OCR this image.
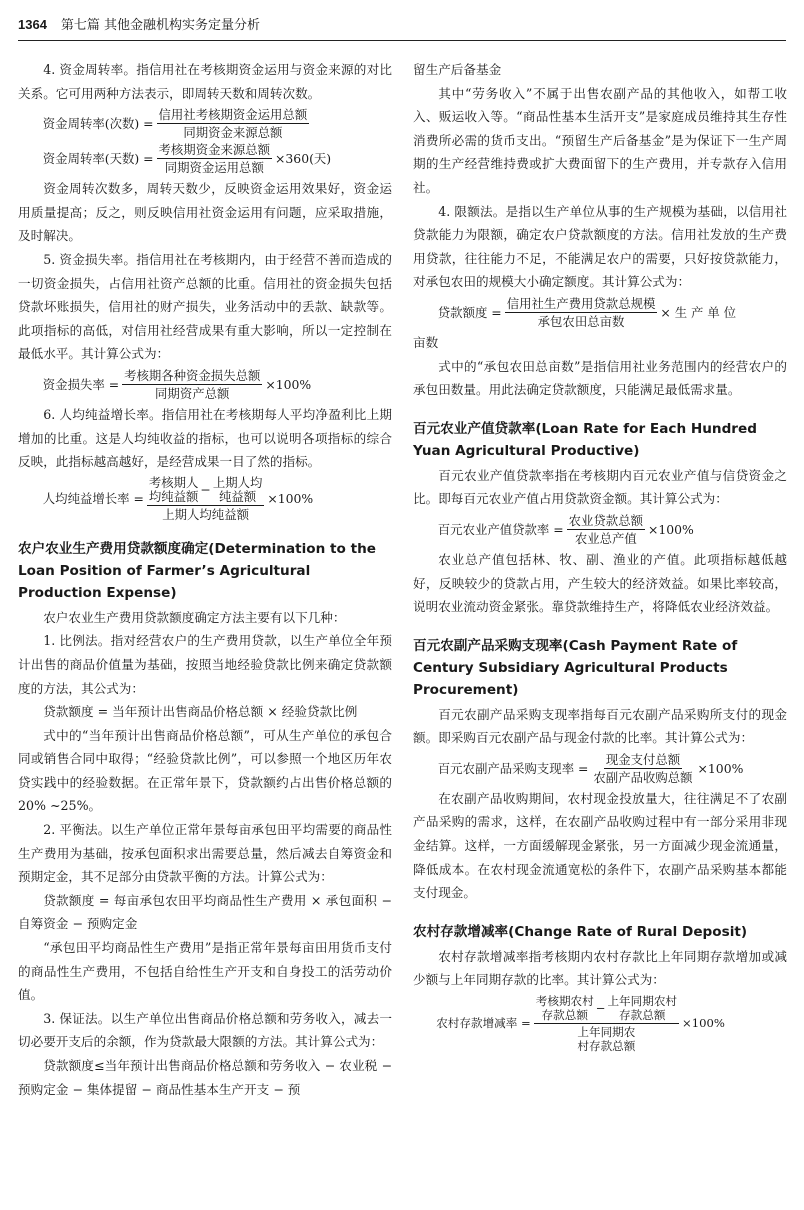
1364 第七篇 其他金融机构实务定量分析

4. 资金周转率。指信用社在考核期资金运用与资金来源的对比关系。它可用两种方法表示，即周转天数和周转次数。

资金周转率(次数) = $\frac{\text{信用社考核期资金运用总额}}{\text{同期资金来源总额}}$
资金周转率(天数) = $\frac{\text{考核期资金来源总额}}{\text{同期资金运用总额}} \times 360$(天)

资金周转次数多，周转天数少，反映资金运用效果好，资金运用质量提高；反之，则反映信用社资金运用有问题，应采取措施，及时解决。

5. 资金损失率。指信用社在考核期内，由于经营不善而造成的一切资金损失，占信用社资产总额的比重。信用社的资金损失包括贷款坏账损失，信用社的财产损失，业务活动中的丢款、缺款等。此项指标的高低，对信用社经营成果有重大影响，所以一定控制在最低水平。其计算公式为：

资金损失率 = $\frac{\text{考核期各种资金损失总额}}{\text{同期资产总额}} \times 100\%$

6. 人均纯益增长率。指信用社在考核期每人平均净盈利比上期增加的比重。这是人均纯收益的指标，也可以说明各项指标的综合反映，此指标越高越好，是经营成果一目了然的指标。

人均纯益增长率 = 考核期人
均纯益额 − 上期人均
纯益额
上期人均纯益额 ×100%
农户农业生产费用贷款额度确定(Determination to the Loan Position of Farmer’s Agricultural Production Expense)

农户农业生产费用贷款额度确定方法主要有以下几种：

1. 比例法。指对经营农户的生产费用贷款，以生产单位全年预计出售的商品价值量为基础，按照当地经验贷款比例来确定贷款额度的方法，其公式为：

贷款额度 = 当年预计出售商品价格总额 × 经验贷款比例

式中的“当年预计出售商品价格总额”，可从生产单位的承包合同或销售合同中取得；“经验贷款比例”，可以参照一个地区历年农贷实践中的经验数据。在正常年景下，贷款额约占出售价格总额的 20% ~25%。

2. 平衡法。以生产单位正常年景每亩承包田平均需要的商品性生产费用为基础，按承包面积求出需要总量，然后减去自筹资金和预期定金，其不足部分由贷款平衡的方法。计算公式为：

贷款额度 = 每亩承包农田平均商品性生产费用 × 承包面积 − 自筹资金 − 预购定金

“承包田平均商品性生产费用”是指正常年景每亩田用货币支付的商品性生产费用，不包括自给性生产开支和自身投工的活劳动价值。

3. 保证法。以生产单位出售商品价格总额和劳务收入，减去一切必要开支后的余额，作为贷款最大限额的方法。其计算公式为：

贷款额度≤当年预计出售商品价格总额和劳务收入 − 农业税 − 预购定金 − 集体提留 − 商品性基本生产开支 − 预

留生产后备基金

其中“劳务收入”不属于出售农副产品的其他收入，如帮工收入、贩运收入等。“商品性基本生活开支”是家庭成员维持其生存性消费所必需的货币支出。“预留生产后备基金”是为保证下一生产周期的生产经营维持费或扩大费面留下的生产费用，并专款存入信用社。

4. 限额法。是指以生产单位从事的生产规模为基础，以信用社贷款能力为限额，确定农户贷款额度的方法。信用社发放的生产费用贷款，往往能力不足，不能满足农户的需要，只好按贷款能力，对承包农田的规模大小确定额度。其计算公式为：

贷款额度 = $\frac{\text{信用社生产费用贷款总规模}}{\text{承包农田总亩数}}$ × 生 产 单 位

亩数

式中的“承包农田总亩数”是指信用社业务范围内的经营农户的承包田数量。用此法确定贷款额度，只能满足最低需求量。

百元农业产值贷款率(Loan Rate for Each Hundred Yuan Agricultural Productive)

百元农业产值贷款率指在考核期内百元农业产值与信贷资金之比。即每百元农业产值占用贷款资金额。其计算公式为：

百元农业产值贷款率 = $\frac{\text{农业贷款总额}}{\text{农业总产值}} \times 100\%$

农业总产值包括林、牧、副、渔业的产值。此项指标越低越好，反映较少的贷款占用，产生较大的经济效益。如果比率较高，说明农业流动资金紧张。靠贷款维持生产，将降低农业经济效益。

百元农副产品采购支现率(Cash Payment Rate of Century Subsidiary Agricultural Products Procurement)

百元农副产品采购支现率指每百元农副产品采购所支付的现金额。即采购百元农副产品与现金付款的比率。其计算公式为：

百元农副产品采购支现率 = $\frac{\text{现金支付总额}}{\text{农副产品收购总额}} \times 100\%$

在农副产品收购期间，农村现金投放量大，往往满足不了农副产品采购的需求，这样，在农副产品收购过程中有一部分采用非现金结算。这样，一方面缓解现金紧张，另一方面减少现金流通量，降低成本。在农村现金流通宽松的条件下，农副产品采购基本都能支付现金。

农村存款增减率(Change Rate of Rural Deposit)

农村存款增减率指考核期内农村存款比上年同期存款增加或减少额与上年同期存款的比率。其计算公式为：

农村存款增减率 = 考核期农村
存款总额
− 上年同期农村
存款总额
上年同期农
村存款总额 ×100%
